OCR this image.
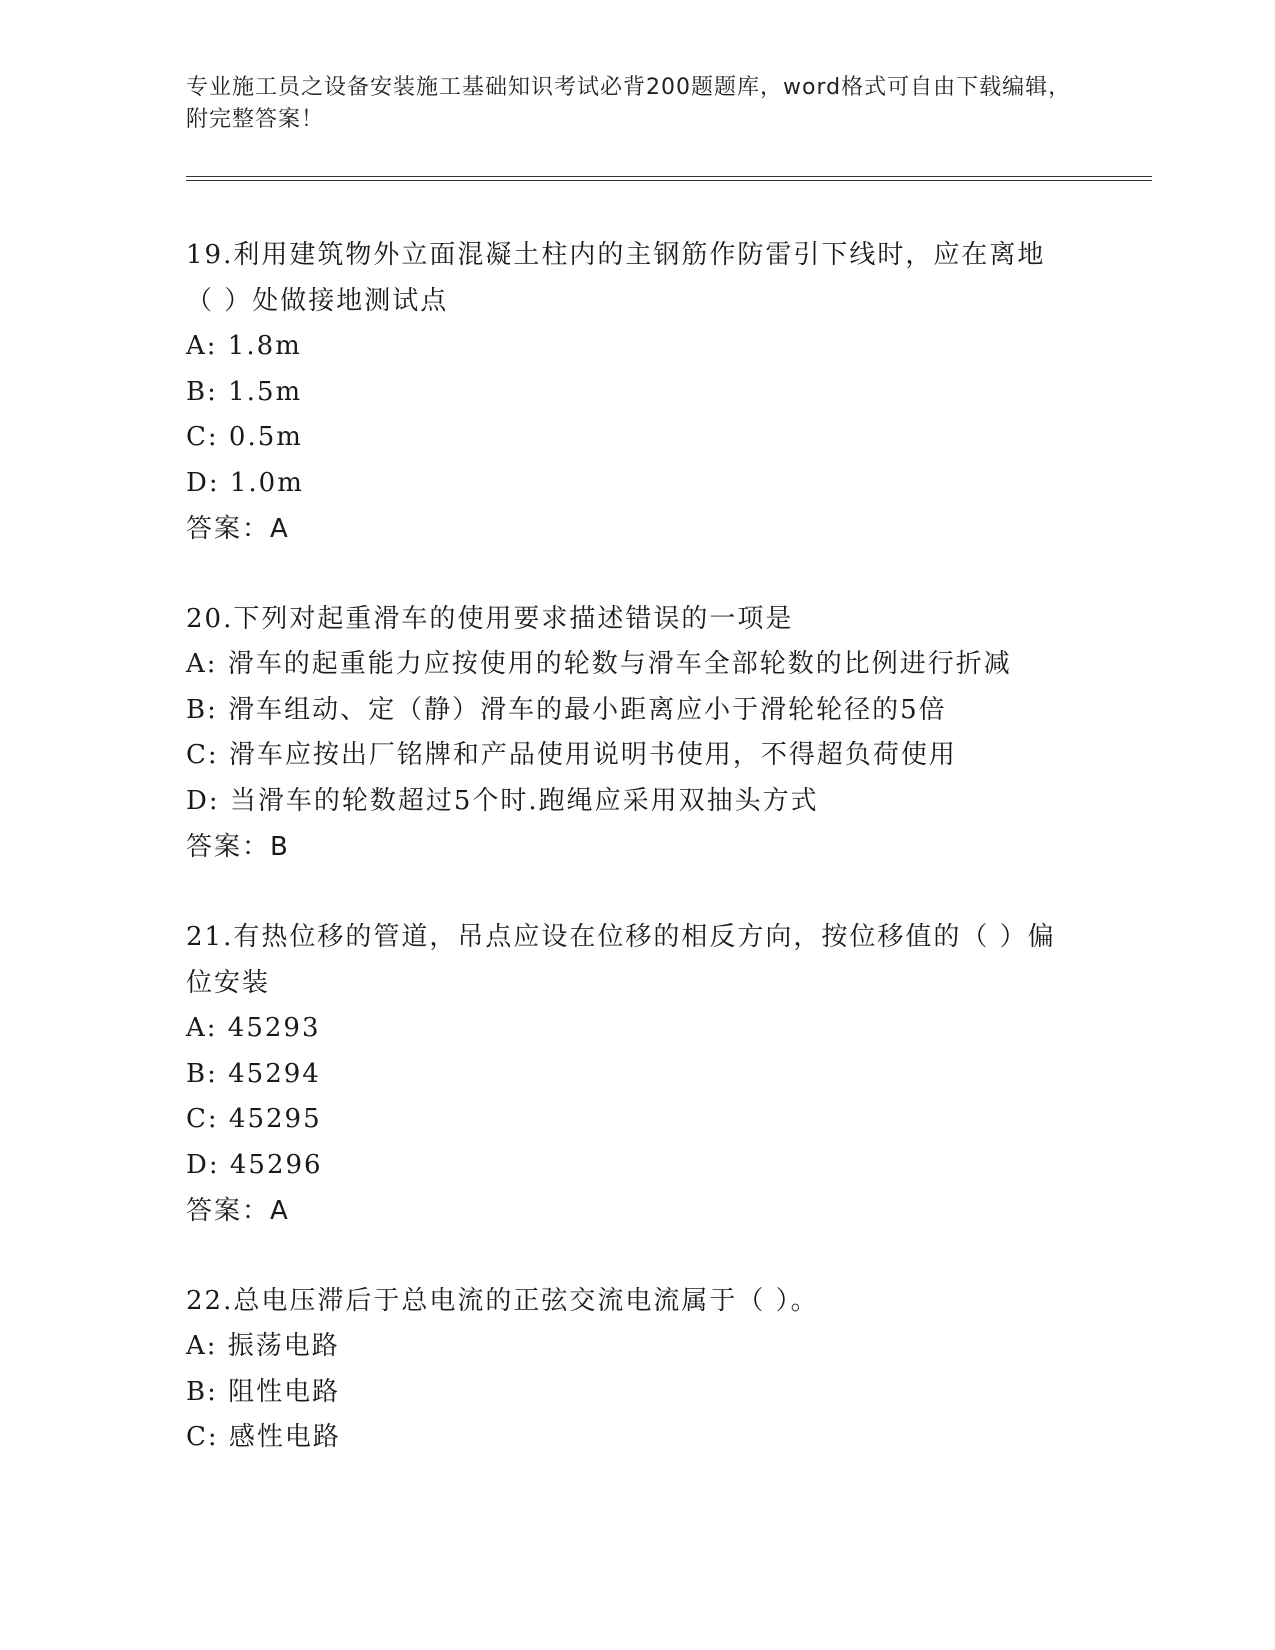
专业施工员之设备安装施工基础知识考试必背200题题库，word格式可自由下载编辑，附完整答案！
19.利用建筑物外立面混凝土柱内的主钢筋作防雷引下线时，应在离地（ ）处做接地测试点
A: 1.8m
B: 1.5m
C: 0.5m
D: 1.0m
答案：A
20.下列对起重滑车的使用要求描述错误的一项是
A: 滑车的起重能力应按使用的轮数与滑车全部轮数的比例进行折减
B: 滑车组动、定（静）滑车的最小距离应小于滑轮轮径的5倍
C: 滑车应按出厂铭牌和产品使用说明书使用，不得超负荷使用
D: 当滑车的轮数超过5个时.跑绳应采用双抽头方式
答案：B
21.有热位移的管道，吊点应设在位移的相反方向，按位移值的（ ）偏位安装
A: 45293
B: 45294
C: 45295
D: 45296
答案：A
22.总电压滞后于总电流的正弦交流电流属于（ ）。
A: 振荡电路
B: 阻性电路
C: 感性电路
